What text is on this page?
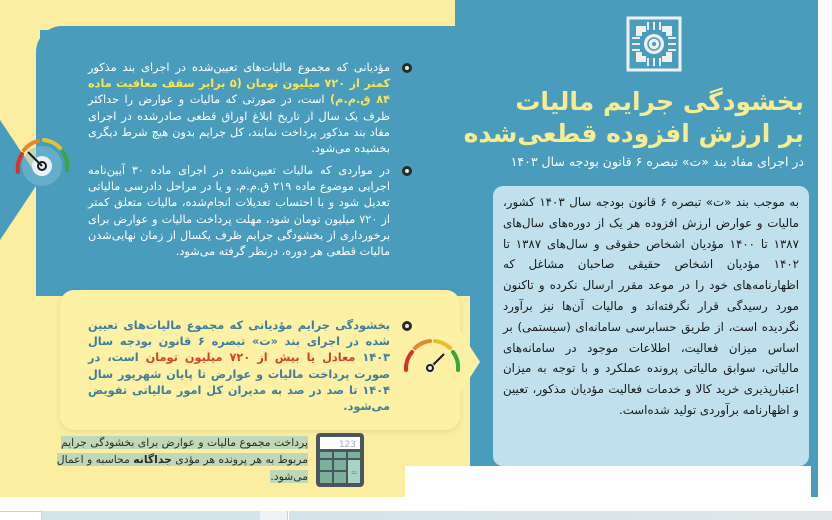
بخشودگی جرایم مالیات
بر ارزش افزوده قطعی‌شده
در اجرای مفاد بند «ت» تبصره ۶ قانون بودجه سال ۱۴۰۳
به موجب بند «ت» تبصره ۶ قانون بودجه سال ۱۴۰۳ کشور، مالیات و عوارض ارزش افزوده هر یک از دوره‌های سال‌های ۱۳۸۷ تا ۱۴۰۰ مؤدیان اشخاص حقوقی و سال‌های ۱۳۸۷ تا ۱۴۰۲ مؤدیان اشخاص حقیقی صاحبان مشاغل که اظهارنامه‌های خود را در موعد مقرر ارسال نکرده و تاکنون مورد رسیدگی قرار نگرفته‌اند و مالیات آن‌ها نیز برآورد نگردیده است، از طریق حسابرسی سامانه‌ای (سیستمی) بر اساس میزان فعالیت، اطلاعات موجود در سامانه‌های مالیاتی، سوابق مالیاتی پرونده عملکرد و با توجه به میزان اعتبارپذیری خرید کالا و خدمات فعالیت مؤدیان مذکور، تعیین و اظهارنامه برآوردی تولید شده‌است.
مؤدیانی که مجموع مالیات‌های تعیین‌شده در اجرای بند مذکور کمتر از ۷۲۰ میلیون تومان (۵ برابر سقف معافیت ماده ۸۴ ق.م.م) است، در صورتی که مالیات و عوارض را حداکثر ظرف یک سال از تاریخ ابلاغ اوراق قطعی صادرشده در اجرای مفاد بند مذکور پرداخت نمایند، کل جرایم بدون هیچ شرط دیگری بخشیده می‌شود.
در مواردی که مالیات تعیین‌شده در اجرای ماده ۳۰ آیین‌نامه اجرایی موضوع ماده ۲۱۹ ق.م.م. و یا در مراحل دادرسی مالیاتی تعدیل شود و با احتساب تعدیلات انجام‌شده، مالیات متعلق کمتر از ۷۲۰ میلیون تومان شود، مهلت پرداخت مالیات و عوارض برای برخورداری از بخشودگی جرایم ظرف یکسال از زمان نهایی‌شدن مالیات قطعی هر دوره، درنظر گرفته می‌شود.
بخشودگی جرایم مؤدیانی که مجموع مالیات‌های تعیین شده در اجرای بند «ت» تبصره ۶ قانون بودجه سال ۱۴۰۳ معادل یا بیش از ۷۲۰ میلیون تومان است، در صورت پرداخت مالیات و عوارض تا پایان شهریور سال ۱۴۰۴ تا صد در صد به مدیران کل امور مالیاتی تفویض می‌شود.
پرداخت مجموع مالیات و عوارض برای بخشودگی جرایم مربوط به هر پرونده هر مؤدی جداگانه محاسبه و اعمال می‌شود.
123
=
